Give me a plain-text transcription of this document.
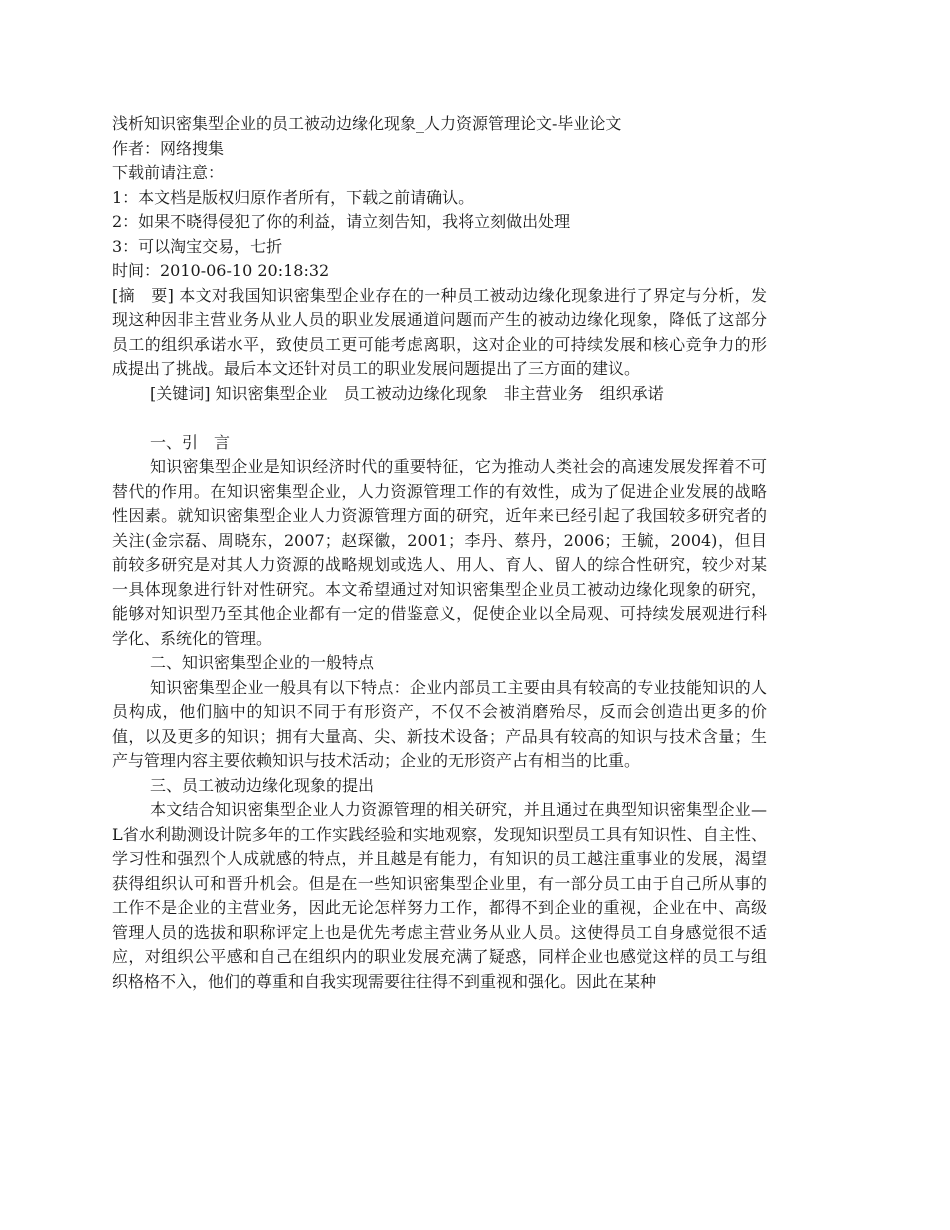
浅析知识密集型企业的员工被动边缘化现象_人力资源管理论文-毕业论文

作者：网络搜集

下载前请注意：

1：本文档是版权归原作者所有，下载之前请确认。

2：如果不晓得侵犯了你的利益，请立刻告知，我将立刻做出处理

3：可以淘宝交易，七折

时间：2010-06-10 20:18:32

[摘　要] 本文对我国知识密集型企业存在的一种员工被动边缘化现象进行了界定与分析，发现这种因非主营业务从业人员的职业发展通道问题而产生的被动边缘化现象，降低了这部分员工的组织承诺水平，致使员工更可能考虑离职，这对企业的可持续发展和核心竞争力的形成提出了挑战。最后本文还针对员工的职业发展问题提出了三方面的建议。

[关键词] 知识密集型企业　员工被动边缘化现象　非主营业务　组织承诺

一、引　言

知识密集型企业是知识经济时代的重要特征，它为推动人类社会的高速发展发挥着不可替代的作用。在知识密集型企业，人力资源管理工作的有效性，成为了促进企业发展的战略性因素。就知识密集型企业人力资源管理方面的研究，近年来已经引起了我国较多研究者的关注(金宗磊、周晓东，2007；赵琛徽，2001；李丹、蔡丹，2006；王毓，2004)，但目前较多研究是对其人力资源的战略规划或选人、用人、育人、留人的综合性研究，较少对某一具体现象进行针对性研究。本文希望通过对知识密集型企业员工被动边缘化现象的研究，能够对知识型乃至其他企业都有一定的借鉴意义，促使企业以全局观、可持续发展观进行科学化、系统化的管理。

二、知识密集型企业的一般特点

知识密集型企业一般具有以下特点：企业内部员工主要由具有较高的专业技能知识的人员构成，他们脑中的知识不同于有形资产，不仅不会被消磨殆尽，反而会创造出更多的价值，以及更多的知识；拥有大量高、尖、新技术设备；产品具有较高的知识与技术含量；生产与管理内容主要依赖知识与技术活动；企业的无形资产占有相当的比重。

三、员工被动边缘化现象的提出

本文结合知识密集型企业人力资源管理的相关研究，并且通过在典型知识密集型企业—L省水利勘测设计院多年的工作实践经验和实地观察，发现知识型员工具有知识性、自主性、学习性和强烈个人成就感的特点，并且越是有能力，有知识的员工越注重事业的发展，渴望获得组织认可和晋升机会。但是在一些知识密集型企业里，有一部分员工由于自己所从事的工作不是企业的主营业务，因此无论怎样努力工作，都得不到企业的重视，企业在中、高级管理人员的选拔和职称评定上也是优先考虑主营业务从业人员。这使得员工自身感觉很不适应，对组织公平感和自己在组织内的职业发展充满了疑惑，同样企业也感觉这样的员工与组织格格不入，他们的尊重和自我实现需要往往得不到重视和强化。因此在某种
